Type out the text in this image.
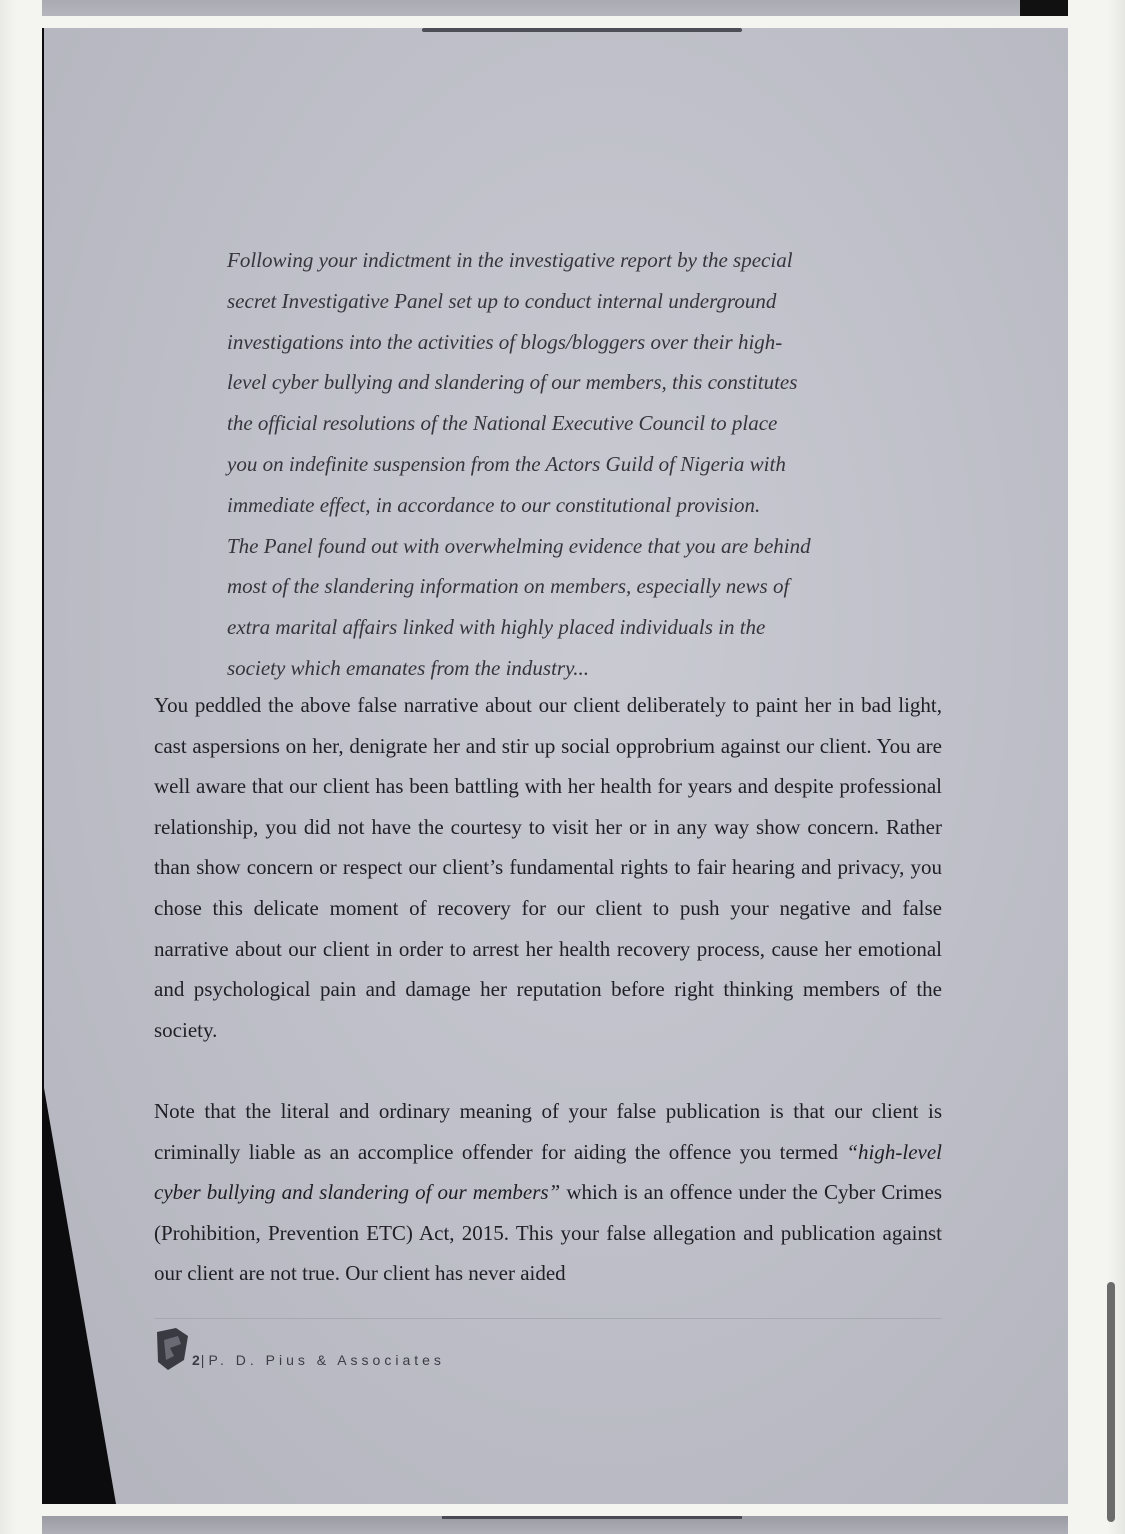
Following your indictment in the investigative report by the special
secret Investigative Panel set up to conduct internal underground
investigations into the activities of blogs/bloggers over their high-
level cyber bullying and slandering of our members, this constitutes
the official resolutions of the National Executive Council to place
you on indefinite suspension from the Actors Guild of Nigeria with
immediate effect, in accordance to our constitutional provision.

The Panel found out with overwhelming evidence that you are behind
most of the slandering information on members, especially news of
extra marital affairs linked with highly placed individuals in the
society which emanates from the industry...

You peddled the above false narrative about our client deliberately to paint her in bad light, cast aspersions on her, denigrate her and stir up social opprobrium against our client. You are well aware that our client has been battling with her health for years and despite professional relationship, you did not have the courtesy to visit her or in any way show concern. Rather than show concern or respect our client’s fundamental rights to fair hearing and privacy, you chose this delicate moment of recovery for our client to push your negative and false narrative about our client in order to arrest her health recovery process, cause her emotional and psychological pain and damage her reputation before right thinking members of the society.

Note that the literal and ordinary meaning of your false publication is that our client is criminally liable as an accomplice offender for aiding the offence you termed “high-level cyber bullying and slandering of our members” which is an offence under the Cyber Crimes (Prohibition, Prevention ETC) Act, 2015. This your false allegation and publication against our client are not true. Our client has never aided

2|P. D. Pius & Associates
